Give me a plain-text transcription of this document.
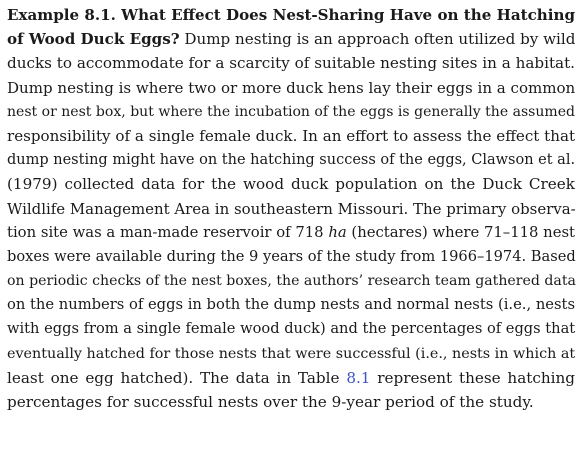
Example 8.1. What Effect Does Nest-Sharing Have on the Hatching
of Wood Duck Eggs? Dump nesting is an approach often utilized by wild
ducks to accommodate for a scarcity of suitable nesting sites in a habitat.
Dump nesting is where two or more duck hens lay their eggs in a common
nest or nest box, but where the incubation of the eggs is generally the assumed
responsibility of a single female duck. In an effort to assess the effect that
dump nesting might have on the hatching success of the eggs, Clawson et al.
(1979) collected data for the wood duck population on the Duck Creek
Wildlife Management Area in southeastern Missouri. The primary observa-
tion site was a man-made reservoir of 718 ha (hectares) where 71–118 nest
boxes were available during the 9 years of the study from 1966–1974. Based
on periodic checks of the nest boxes, the authors’ research team gathered data
on the numbers of eggs in both the dump nests and normal nests (i.e., nests
with eggs from a single female wood duck) and the percentages of eggs that
eventually hatched for those nests that were successful (i.e., nests in which at
least one egg hatched). The data in Table 8.1 represent these hatching
percentages for successful nests over the 9-year period of the study.
